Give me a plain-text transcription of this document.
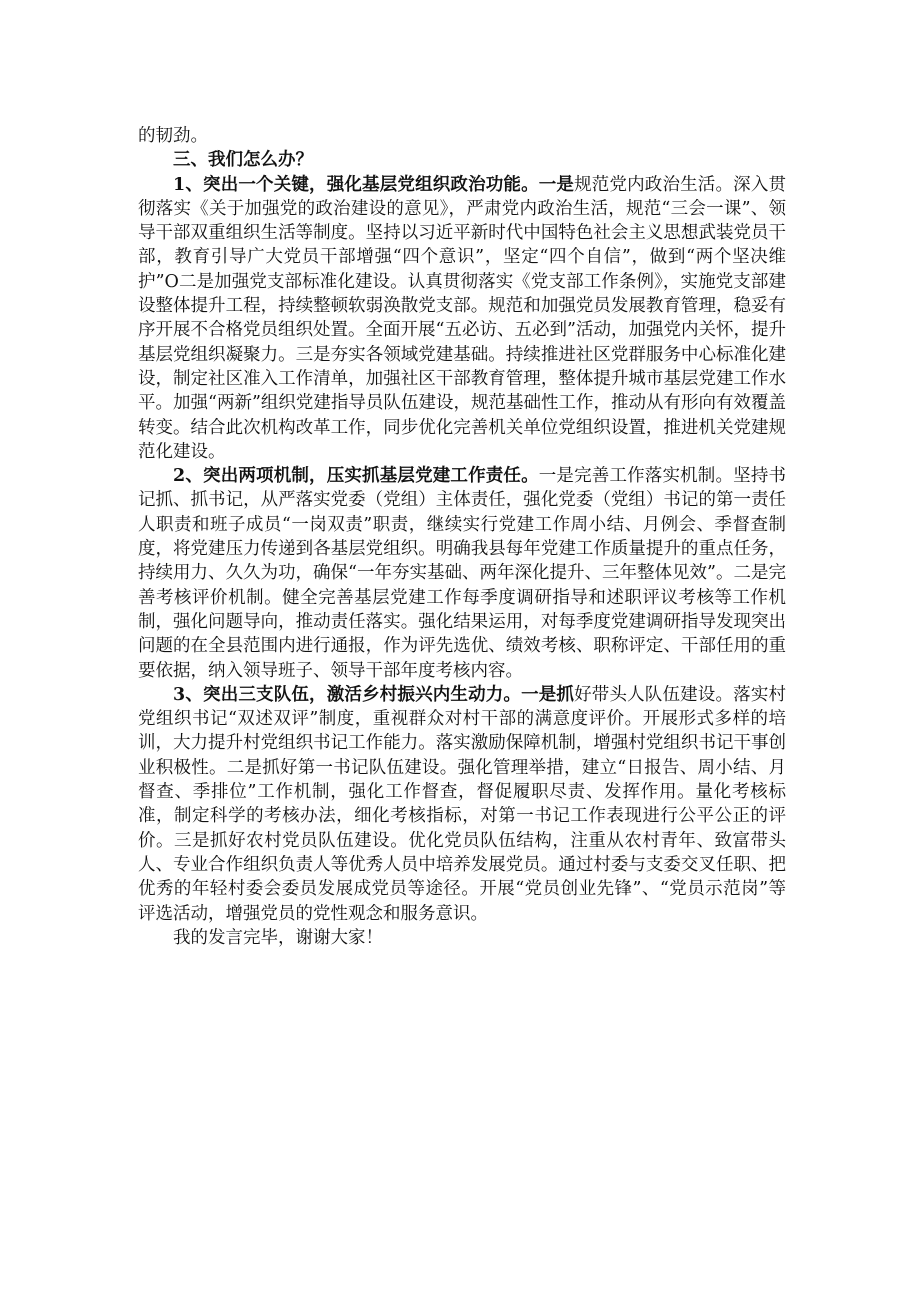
的韧劲。

三、我们怎么办？

1、突出一个关键，强化基层党组织政治功能。一是规范党内政治生活。深入贯彻落实《关于加强党的政治建设的意见》，严肃党内政治生活，规范“三会一课”、领导干部双重组织生活等制度。坚持以习近平新时代中国特色社会主义思想武装党员干部，教育引导广大党员干部增强“四个意识”，坚定“四个自信”，做到“两个坚决维护”O二是加强党支部标准化建设。认真贯彻落实《党支部工作条例》，实施党支部建设整体提升工程，持续整顿软弱涣散党支部。规范和加强党员发展教育管理，稳妥有序开展不合格党员组织处置。全面开展“五必访、五必到”活动，加强党内关怀，提升基层党组织凝聚力。三是夯实各领域党建基础。持续推进社区党群服务中心标准化建设，制定社区准入工作清单，加强社区干部教育管理，整体提升城市基层党建工作水平。加强“两新”组织党建指导员队伍建设，规范基础性工作，推动从有形向有效覆盖转变。结合此次机构改革工作，同步优化完善机关单位党组织设置，推进机关党建规范化建设。

2、突出两项机制，压实抓基层党建工作责任。一是完善工作落实机制。坚持书记抓、抓书记，从严落实党委（党组）主体责任，强化党委（党组）书记的第一责任人职责和班子成员“一岗双责”职责，继续实行党建工作周小结、月例会、季督查制度，将党建压力传递到各基层党组织。明确我县每年党建工作质量提升的重点任务，持续用力、久久为功，确保“一年夯实基础、两年深化提升、三年整体见效”。二是完善考核评价机制。健全完善基层党建工作每季度调研指导和述职评议考核等工作机制，强化问题导向，推动责任落实。强化结果运用，对每季度党建调研指导发现突出问题的在全县范围内进行通报，作为评先选优、绩效考核、职称评定、干部任用的重要依据，纳入领导班子、领导干部年度考核内容。

3、突出三支队伍，激活乡村振兴内生动力。一是抓好带头人队伍建设。落实村党组织书记“双述双评”制度，重视群众对村干部的满意度评价。开展形式多样的培训，大力提升村党组织书记工作能力。落实激励保障机制，增强村党组织书记干事创业积极性。二是抓好第一书记队伍建设。强化管理举措，建立“日报告、周小结、月督查、季排位”工作机制，强化工作督查，督促履职尽责、发挥作用。量化考核标准，制定科学的考核办法，细化考核指标，对第一书记工作表现进行公平公正的评价。三是抓好农村党员队伍建设。优化党员队伍结构，注重从农村青年、致富带头人、专业合作组织负责人等优秀人员中培养发展党员。通过村委与支委交叉任职、把优秀的年轻村委会委员发展成党员等途径。开展“党员创业先锋”、“党员示范岗”等评选活动，增强党员的党性观念和服务意识。

我的发言完毕，谢谢大家！
